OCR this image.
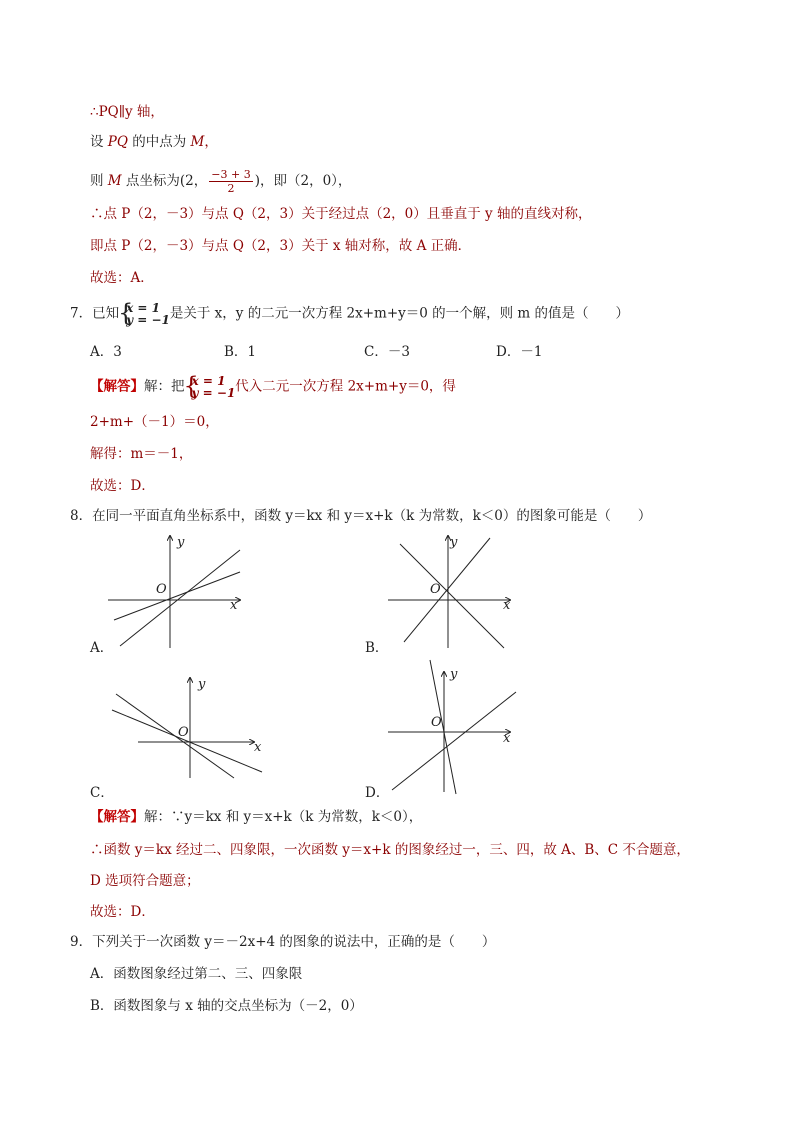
∴PQ∥y 轴，
设 PQ 的中点为 M，
则 M 点坐标为(2， $\frac{-3 + 3}{2}$ )，即（2，0），
∴点 P（2，－3）与点 Q（2，3）关于经过点（2，0）且垂直于 y 轴的直线对称，
即点 P（2，－3）与点 Q（2，3）关于 x 轴对称，故 A 正确．
故选：A．
7．已知 { x = 1
y = −1 是关于 x，y 的二元一次方程 2x+m+y＝0 的一个解，则 m 的值是（　　）
A．3	B．1	C．－3	D．－1
【解答】解：把 { x = 1
y = −1 代入二元一次方程 2x+m+y＝0，得
2+m+（－1）＝0，
解得：m＝－1，
故选：D．
8．在同一平面直角坐标系中，函数 y＝kx 和 y＝x+k（k 为常数，k＜0）的图象可能是（　　）
y
x
O
A．
y
x
O
B．
y
x
O
C．
y
x
O
D．
【解答】解：∵y＝kx 和 y＝x+k（k 为常数，k＜0），
∴函数 y＝kx 经过二、四象限，一次函数 y＝x+k 的图象经过一，三、四，故 A、B、C 不合题意，
D 选项符合题意；
故选：D．
9．下列关于一次函数 y＝－2x+4 的图象的说法中，正确的是（　　）
A．函数图象经过第二、三、四象限
B．函数图象与 x 轴的交点坐标为（－2，0）
